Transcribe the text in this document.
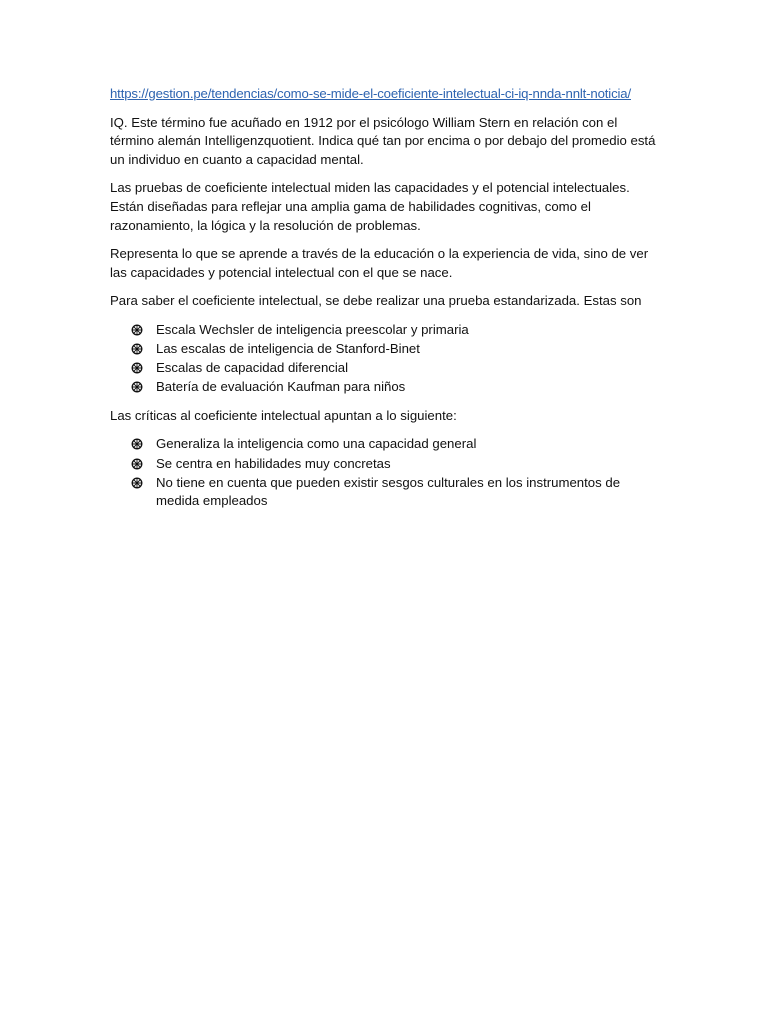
https://gestion.pe/tendencias/como-se-mide-el-coeficiente-intelectual-ci-iq-nnda-nnlt-noticia/

IQ. Este término fue acuñado en 1912 por el psicólogo William Stern en relación con el término alemán Intelligenzquotient. Indica qué tan por encima o por debajo del promedio está un individuo en cuanto a capacidad mental.

Las pruebas de coeficiente intelectual miden las capacidades y el potencial intelectuales. Están diseñadas para reflejar una amplia gama de habilidades cognitivas, como el razonamiento, la lógica y la resolución de problemas.

Representa lo que se aprende a través de la educación o la experiencia de vida, sino de ver las capacidades y potencial intelectual con el que se nace.

Para saber el coeficiente intelectual, se debe realizar una prueba estandarizada. Estas son

Escala Wechsler de inteligencia preescolar y primaria
Las escalas de inteligencia de Stanford-Binet
Escalas de capacidad diferencial
Batería de evaluación Kaufman para niños

Las críticas al coeficiente intelectual apuntan a lo siguiente:

Generaliza la inteligencia como una capacidad general
Se centra en habilidades muy concretas
No tiene en cuenta que pueden existir sesgos culturales en los instrumentos de medida empleados
